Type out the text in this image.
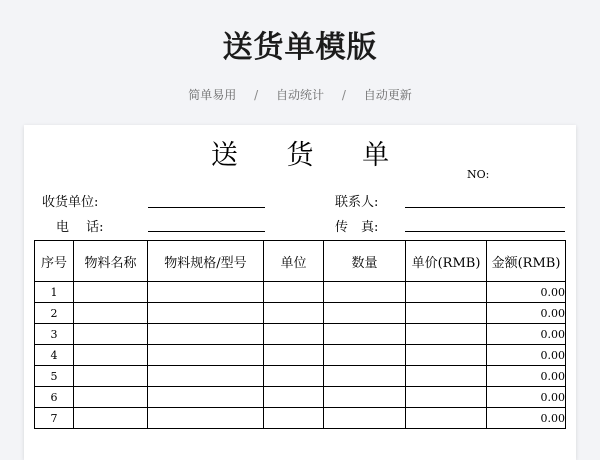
送货单模版
简单易用 / 自动统计 / 自动更新
送 货 单
NO:
收货单位:	联系人:
电　 话:	传　真:
序号	物料名称	物料规格/型号	单位	数量	单价(RMB)	金额(RMB)
1						0.00
2						0.00
3						0.00
4						0.00
5						0.00
6						0.00
7						0.00
